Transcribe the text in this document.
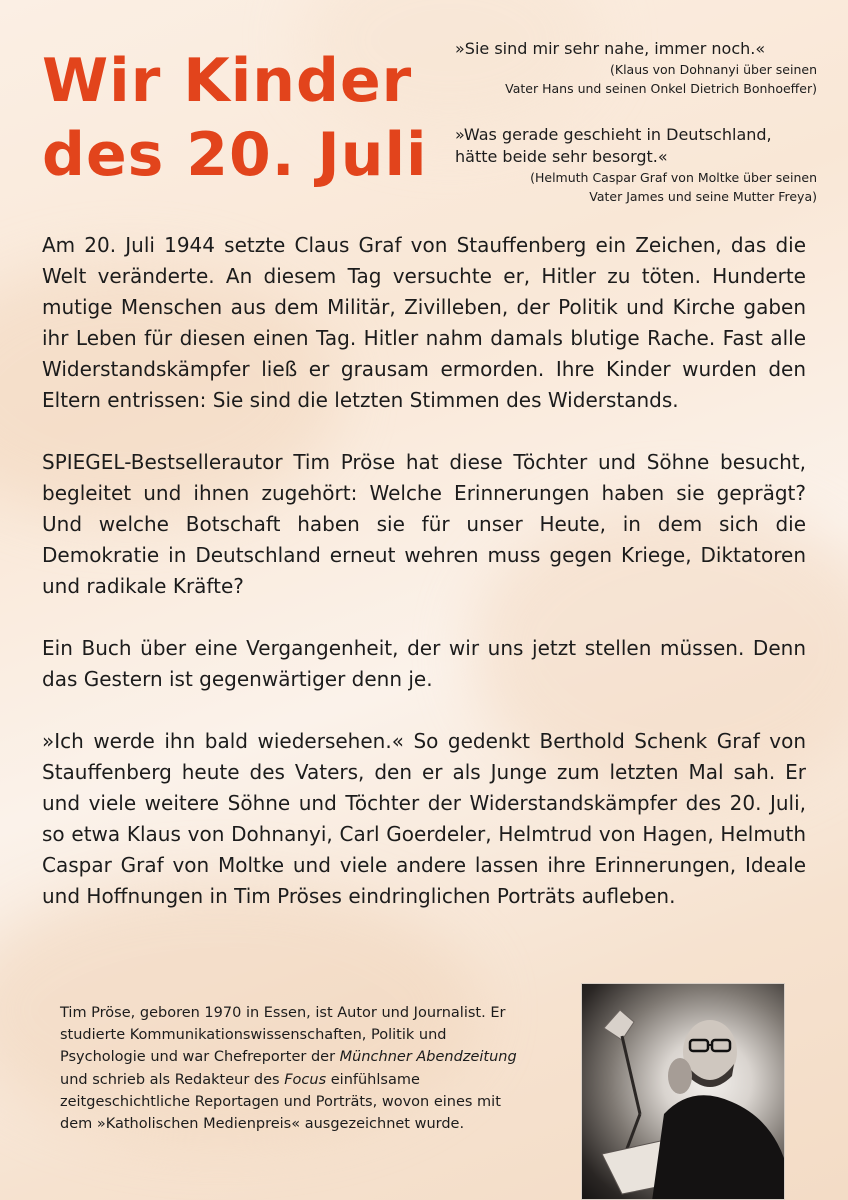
Wir Kinder
des 20. Juli
»Sie sind mir sehr nahe, immer noch.«
(Klaus von Dohnanyi über seinen
Vater Hans und seinen Onkel Dietrich Bonhoeffer)
»Was gerade geschieht in Deutschland,
hätte beide sehr besorgt.«
(Helmuth Caspar Graf von Moltke über seinen
Vater James und seine Mutter Freya)

Am 20. Juli 1944 setzte Claus Graf von Stauffenberg ein Zeichen, das die Welt veränderte. An diesem Tag versuchte er, Hitler zu töten. Hunderte mutige Menschen aus dem Militär, Zivilleben, der Politik und Kirche gaben ihr Leben für diesen einen Tag. Hitler nahm damals blutige Rache. Fast alle Widerstandskämpfer ließ er grausam ermorden. Ihre Kinder wurden den Eltern entrissen: Sie sind die letzten Stimmen des Widerstands.

SPIEGEL-Bestsellerautor Tim Pröse hat diese Töchter und Söhne besucht, begleitet und ihnen zugehört: Welche Erinnerungen haben sie geprägt? Und welche Botschaft haben sie für unser Heute, in dem sich die Demokratie in Deutschland erneut wehren muss gegen Kriege, Diktatoren und radikale Kräfte?

Ein Buch über eine Vergangenheit, der wir uns jetzt stellen müssen. Denn das Gestern ist gegenwärtiger denn je.

»Ich werde ihn bald wiedersehen.« So gedenkt Berthold Schenk Graf von Stauffenberg heute des Vaters, den er als Junge zum letzten Mal sah. Er und viele weitere Söhne und Töchter der Widerstandskämpfer des 20. Juli, so etwa Klaus von Dohnanyi, Carl Goerdeler, Helmtrud von Hagen, Helmuth Caspar Graf von Moltke und viele andere lassen ihre Erinnerungen, Ideale und Hoffnungen in Tim Pröses eindringlichen Porträts aufleben.

Tim Pröse, geboren 1970 in Essen, ist Autor und Journalist. Er studierte Kommunikationswissenschaften, Politik und Psychologie und war Chefreporter der Münchner Abendzeitung und schrieb als Redakteur des Focus einfühlsame zeitgeschichtliche Reportagen und Porträts, wovon eines mit dem »Katholischen Medienpreis« ausgezeichnet wurde.
